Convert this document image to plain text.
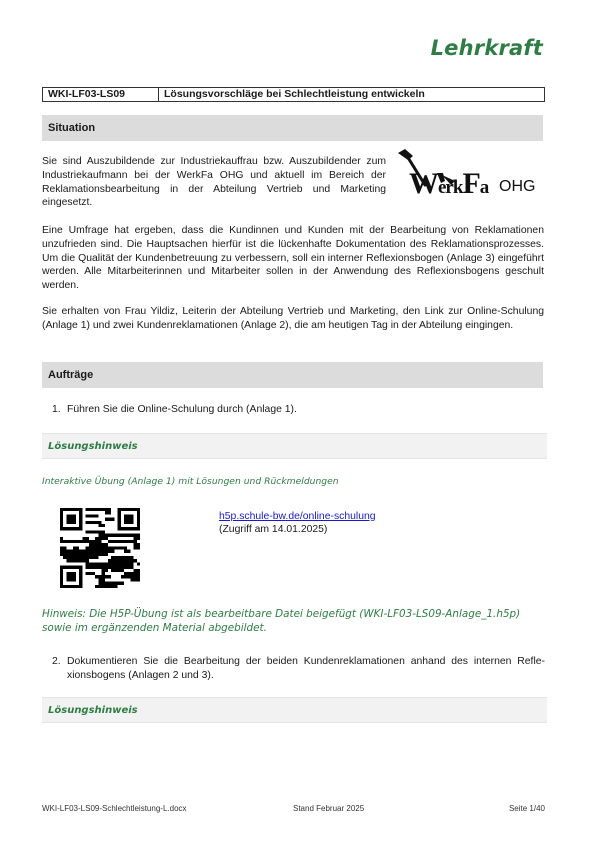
Lehrkraft
WKI-LF03-LS09	Lösungsvorschläge bei Schlechtleistung entwickeln
Situation

Sie sind Auszubildende zur Industriekauffrau bzw. Auszubildender zum Industriekaufmann bei der WerkFa OHG und aktuell im Bereich der Reklamationsbearbeitung in der Abteilung Vertrieb und Marketing eingesetzt.

WerkFa OHG

Eine Umfrage hat ergeben, dass die Kundinnen und Kunden mit der Bearbeitung von Reklamationen unzufrieden sind. Die Hauptsachen hierfür ist die lückenhafte Dokumentation des Reklamationsprozesses. Um die Qualität der Kundenbetreuung zu verbessern, soll ein interner Reflexionsbogen (Anlage 3) eingeführt werden. Alle Mitarbeiterinnen und Mitarbeiter sollen in der Anwendung des Reflexionsbogens geschult werden.

Sie erhalten von Frau Yildiz, Leiterin der Abteilung Vertrieb und Marketing, den Link zur Online-Schulung (Anlage 1) und zwei Kundenreklamationen (Anlage 2), die am heutigen Tag in der Abteilung eingingen.

Aufträge
1. Führen Sie die Online-Schulung durch (Anlage 1).
Lösungshinweis
Interaktive Übung (Anlage 1) mit Lösungen und Rückmeldungen
h5p.schule-bw.de/online-schulung
(Zugriff am 14.01.2025)

Hinweis: Die H5P-Übung ist als bearbeitbare Datei beigefügt (WKI-LF03-LS09-Anlage_1.h5p) sowie im ergänzenden Material abgebildet.

2. Dokumentieren Sie die Bearbeitung der beiden Kundenreklamationen anhand des internen Reflexionsbogens (Anlagen 2 und 3).

Lösungshinweis
WKI-LF03-LS09-Schlechtleistung-L.docx	Stand Februar 2025	Seite 1/40
